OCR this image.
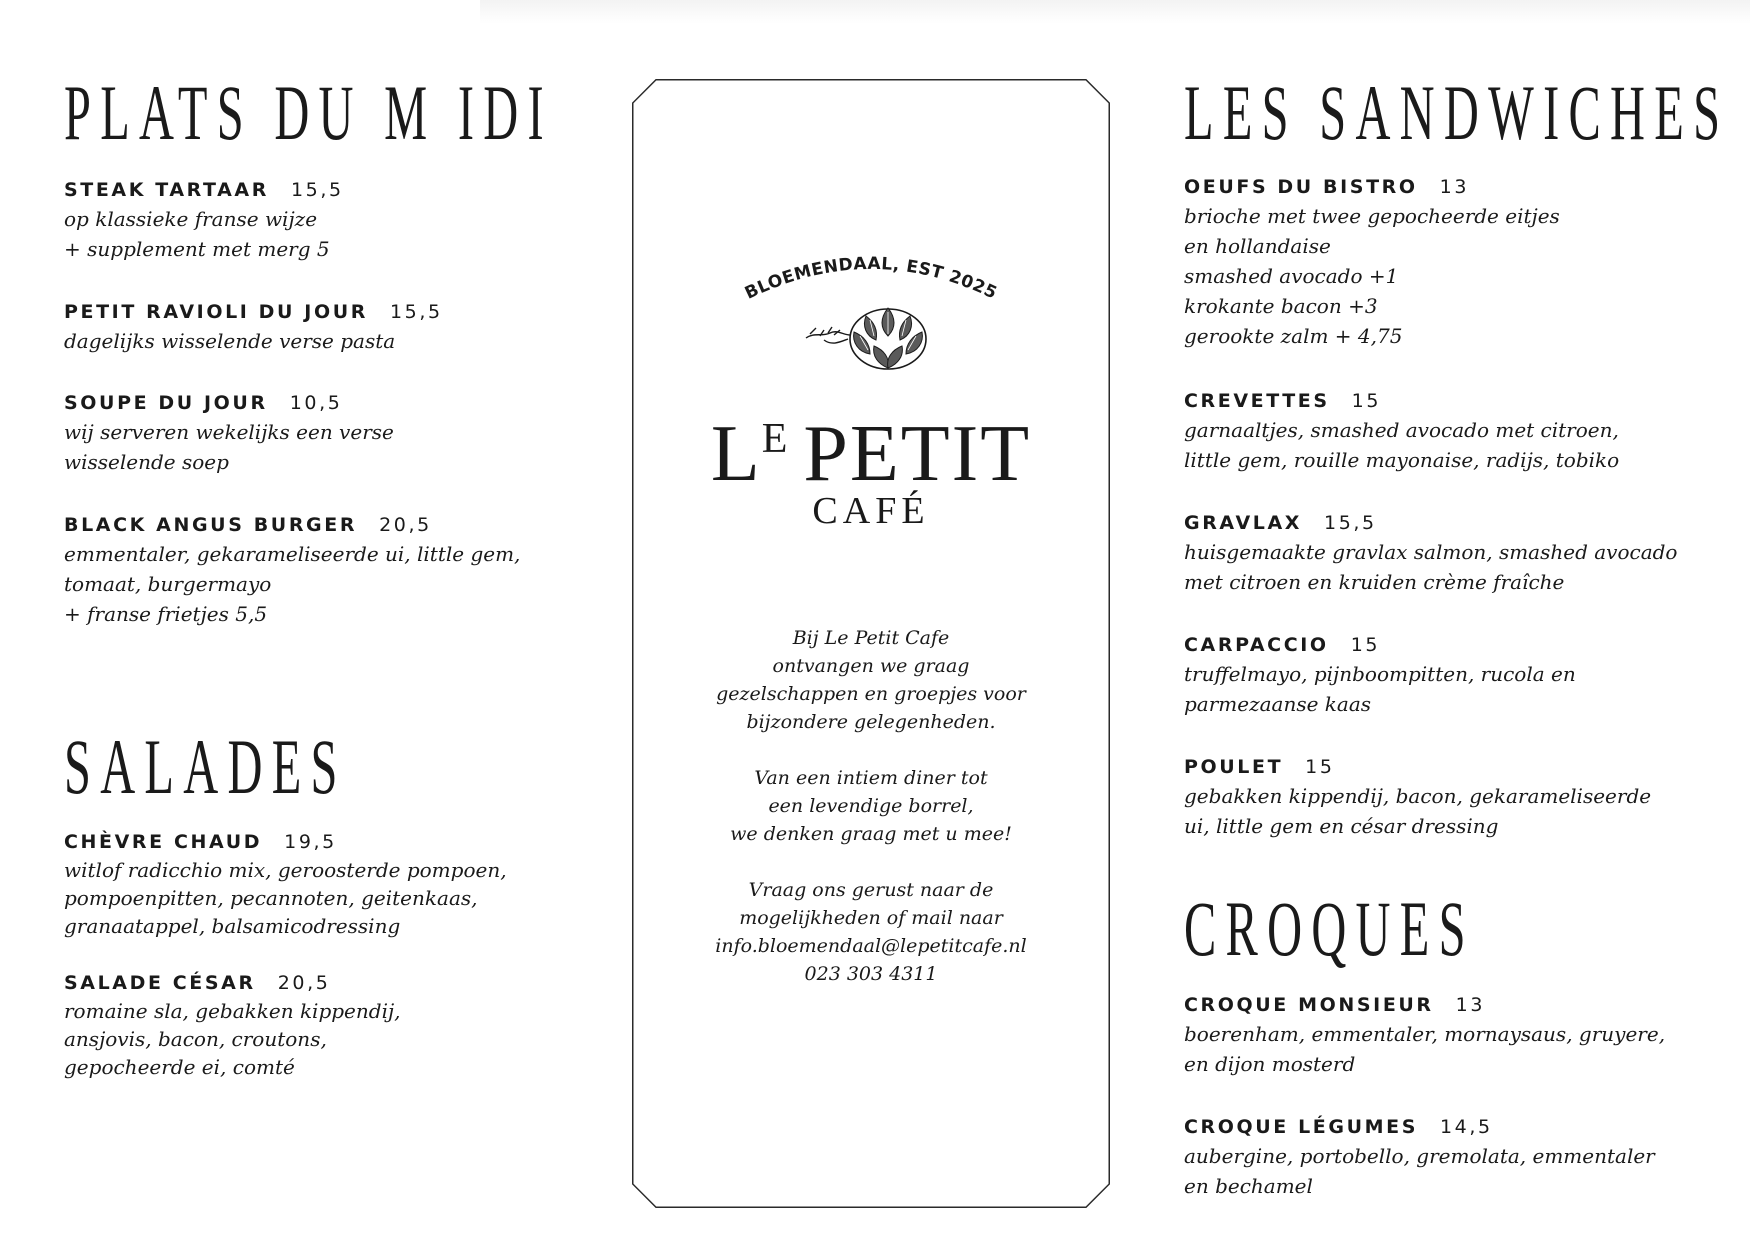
PLATS DU M IDI
STEAK TARTAAR 15,5

op klassieke franse wijze
+ supplement met merg 5

PETIT RAVIOLI DU JOUR 15,5

dagelijks wisselende verse pasta

SOUPE DU JOUR 10,5

wij serveren wekelijks een verse
wisselende soep

BLACK ANGUS BURGER 20,5

emmentaler, gekarameliseerde ui, little gem,
tomaat, burgermayo
+ franse frietjes 5,5

SALADES
CHÈVRE CHAUD 19,5

witlof radicchio mix, geroosterde pompoen,
pompoenpitten, pecannoten, geitenkaas,
granaatappel, balsamicodressing

SALADE CÉSAR 20,5

romaine sla, gebakken kippendij,
ansjovis, bacon, croutons,
gepocheerde ei, comté

BLOEMENDAAL, EST 2025
$L^E$ PETIT
CAFÉ

Bij Le Petit Cafe
ontvangen we graag
gezelschappen en groepjes voor
bijzondere gelegenheden.

Van een intiem diner tot
een levendige borrel,
we denken graag met u mee!

Vraag ons gerust naar de
mogelijkheden of mail naar
info.bloemendaal@lepetitcafe.nl
023 303 4311

LES SANDWICHES
OEUFS DU BISTRO 13

brioche met twee gepocheerde eitjes
en hollandaise
smashed avocado +1
krokante bacon +3
gerookte zalm + 4,75

CREVETTES 15

garnaaltjes, smashed avocado met citroen,
little gem, rouille mayonaise, radijs, tobiko

GRAVLAX 15,5

huisgemaakte gravlax salmon, smashed avocado
met citroen en kruiden crème fraîche

CARPACCIO 15

truffelmayo, pijnboompitten, rucola en
parmezaanse kaas

POULET 15

gebakken kippendij, bacon, gekarameliseerde
ui, little gem en césar dressing

CROQUES
CROQUE MONSIEUR 13

boerenham, emmentaler, mornaysaus, gruyere,
en dijon mosterd

CROQUE LÉGUMES 14,5

aubergine, portobello, gremolata, emmentaler
en bechamel
